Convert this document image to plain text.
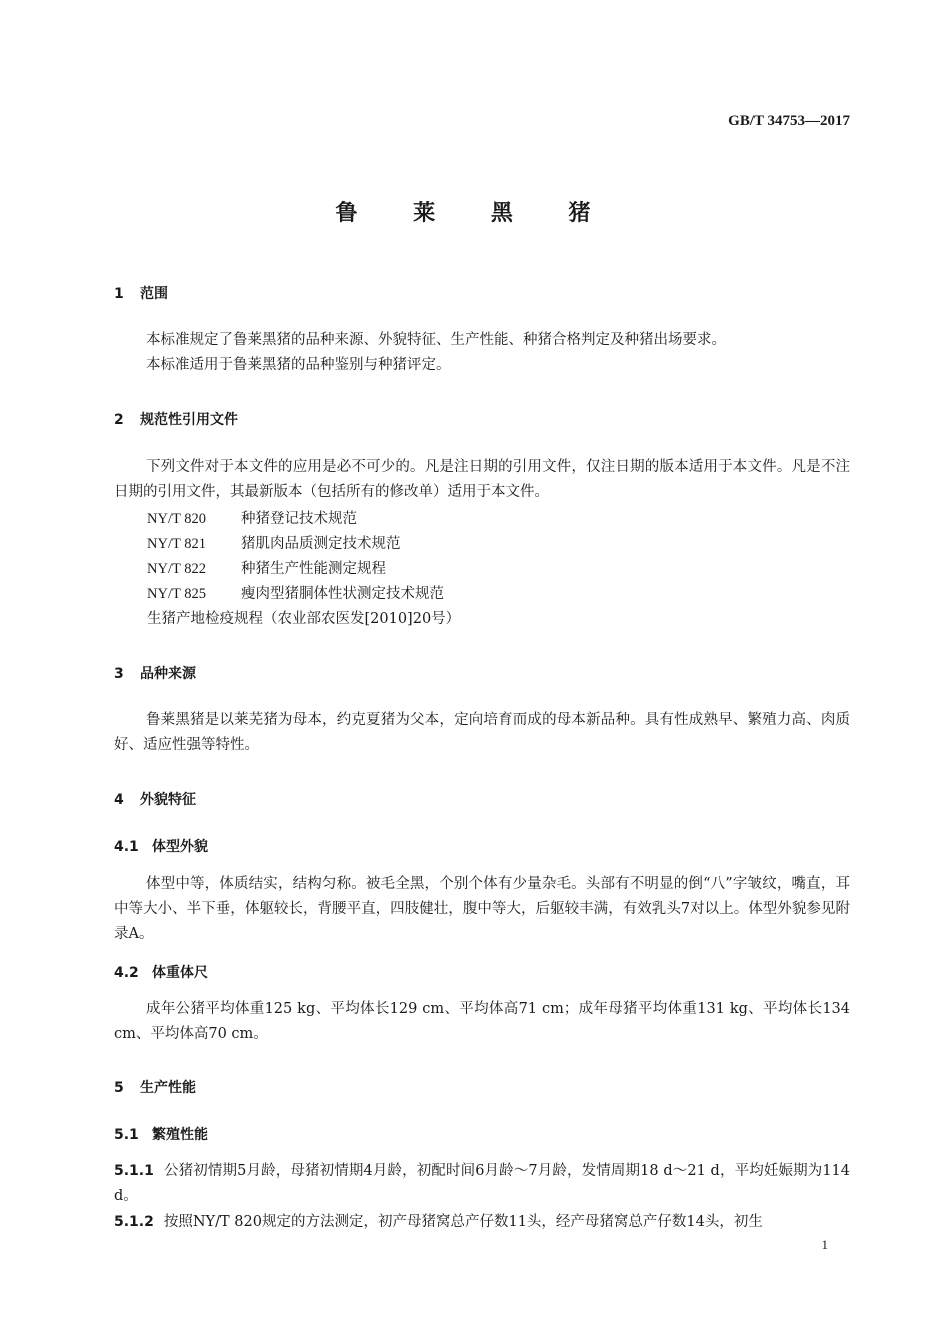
GB/T 34753—2017
鲁 莱 黑 猪
1 范围
本标准规定了鲁莱黑猪的品种来源、外貌特征、生产性能、种猪合格判定及种猪出场要求。
本标准适用于鲁莱黑猪的品种鉴别与种猪评定。
2 规范性引用文件
下列文件对于本文件的应用是必不可少的。凡是注日期的引用文件，仅注日期的版本适用于本文件。凡是不注日期的引用文件，其最新版本（包括所有的修改单）适用于本文件。
NY/T 820 种猪登记技术规范
NY/T 821 猪肌肉品质测定技术规范
NY/T 822 种猪生产性能测定规程
NY/T 825 瘦肉型猪胴体性状测定技术规范
生猪产地检疫规程（农业部农医发[2010]20号）
3 品种来源
鲁莱黑猪是以莱芜猪为母本，约克夏猪为父本，定向培育而成的母本新品种。具有性成熟早、繁殖力高、肉质好、适应性强等特性。
4 外貌特征
4.1 体型外貌
体型中等，体质结实，结构匀称。被毛全黑，个别个体有少量杂毛。头部有不明显的倒“八”字皱纹，嘴直，耳中等大小、半下垂，体躯较长，背腰平直，四肢健壮，腹中等大，后躯较丰满，有效乳头7对以上。体型外貌参见附录A。
4.2 体重体尺
成年公猪平均体重125 kg、平均体长129 cm、平均体高71 cm；成年母猪平均体重131 kg、平均体长134 cm、平均体高70 cm。
5 生产性能
5.1 繁殖性能
5.1.1 公猪初情期5月龄，母猪初情期4月龄，初配时间6月龄～7月龄，发情周期18 d～21 d，平均妊娠期为114 d。
5.1.2 按照NY/T 820规定的方法测定，初产母猪窝总产仔数11头，经产母猪窝总产仔数14头，初生
1
